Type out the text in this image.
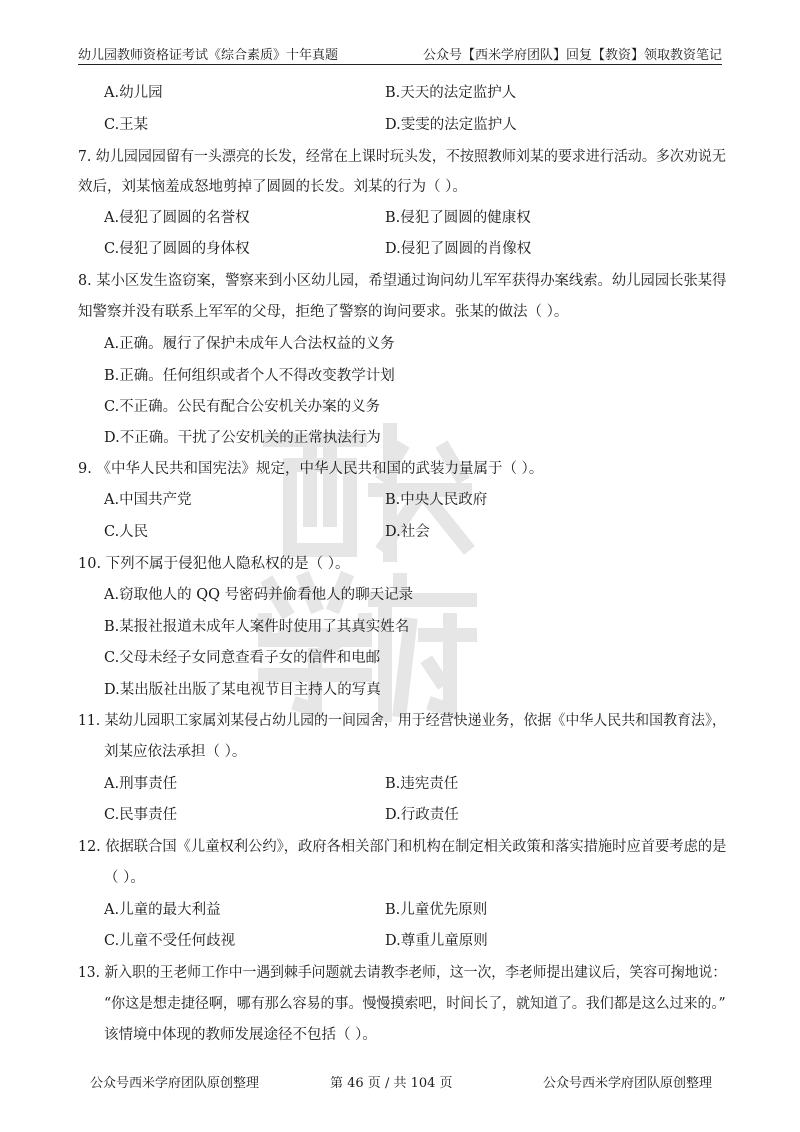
幼儿园教师资格证考试《综合素质》十年真题	公众号【西米学府团队】回复【教资】领取教资笔记
A.幼儿园	B.天天的法定监护人
C.王某	D.雯雯的法定监护人
7. 幼儿园园园留有一头漂亮的长发，经常在上课时玩头发，不按照教师刘某的要求进行活动。多次劝说无
效后，刘某恼羞成怒地剪掉了圆圆的长发。刘某的行为（ ）。
A.侵犯了圆圆的名誉权	B.侵犯了圆圆的健康权
C.侵犯了圆圆的身体权	D.侵犯了圆圆的肖像权
8. 某小区发生盗窃案，警察来到小区幼儿园，希望通过询问幼儿军军获得办案线索。幼儿园园长张某得
知警察并没有联系上军军的父母，拒绝了警察的询问要求。张某的做法（ ）。
A.正确。履行了保护未成年人合法权益的义务
B.正确。任何组织或者个人不得改变教学计划
C.不正确。公民有配合公安机关办案的义务
D.不正确。干扰了公安机关的正常执法行为
9. 《中华人民共和国宪法》规定，中华人民共和国的武装力量属于（ ）。
A.中国共产党	B.中央人民政府
C.人民	D.社会
10. 下列不属于侵犯他人隐私权的是（ ）。
A.窃取他人的 QQ 号密码并偷看他人的聊天记录
B.某报社报道未成年人案件时使用了其真实姓名
C.父母未经子女同意查看子女的信件和电邮
D.某出版社出版了某电视节目主持人的写真
11. 某幼儿园职工家属刘某侵占幼儿园的一间园舍，用于经营快递业务，依据《中华人民共和国教育法》，
刘某应依法承担（ ）。
A.刑事责任	B.违宪责任
C.民事责任	D.行政责任
12. 依据联合国《儿童权利公约》，政府各相关部门和机构在制定相关政策和落实措施时应首要考虑的是
（ ）。
A.儿童的最大利益	B.儿童优先原则
C.儿童不受任何歧视	D.尊重儿童原则
13. 新入职的王老师工作中一遇到棘手问题就去请教李老师，这一次，李老师提出建议后，笑容可掬地说：
“你这是想走捷径啊，哪有那么容易的事。慢慢摸索吧，时间长了，就知道了。我们都是这么过来的。”
该情境中体现的教师发展途径不包括（ ）。
公众号西米学府团队原创整理	第 46 页 / 共 104 页	公众号西米学府团队原创整理
